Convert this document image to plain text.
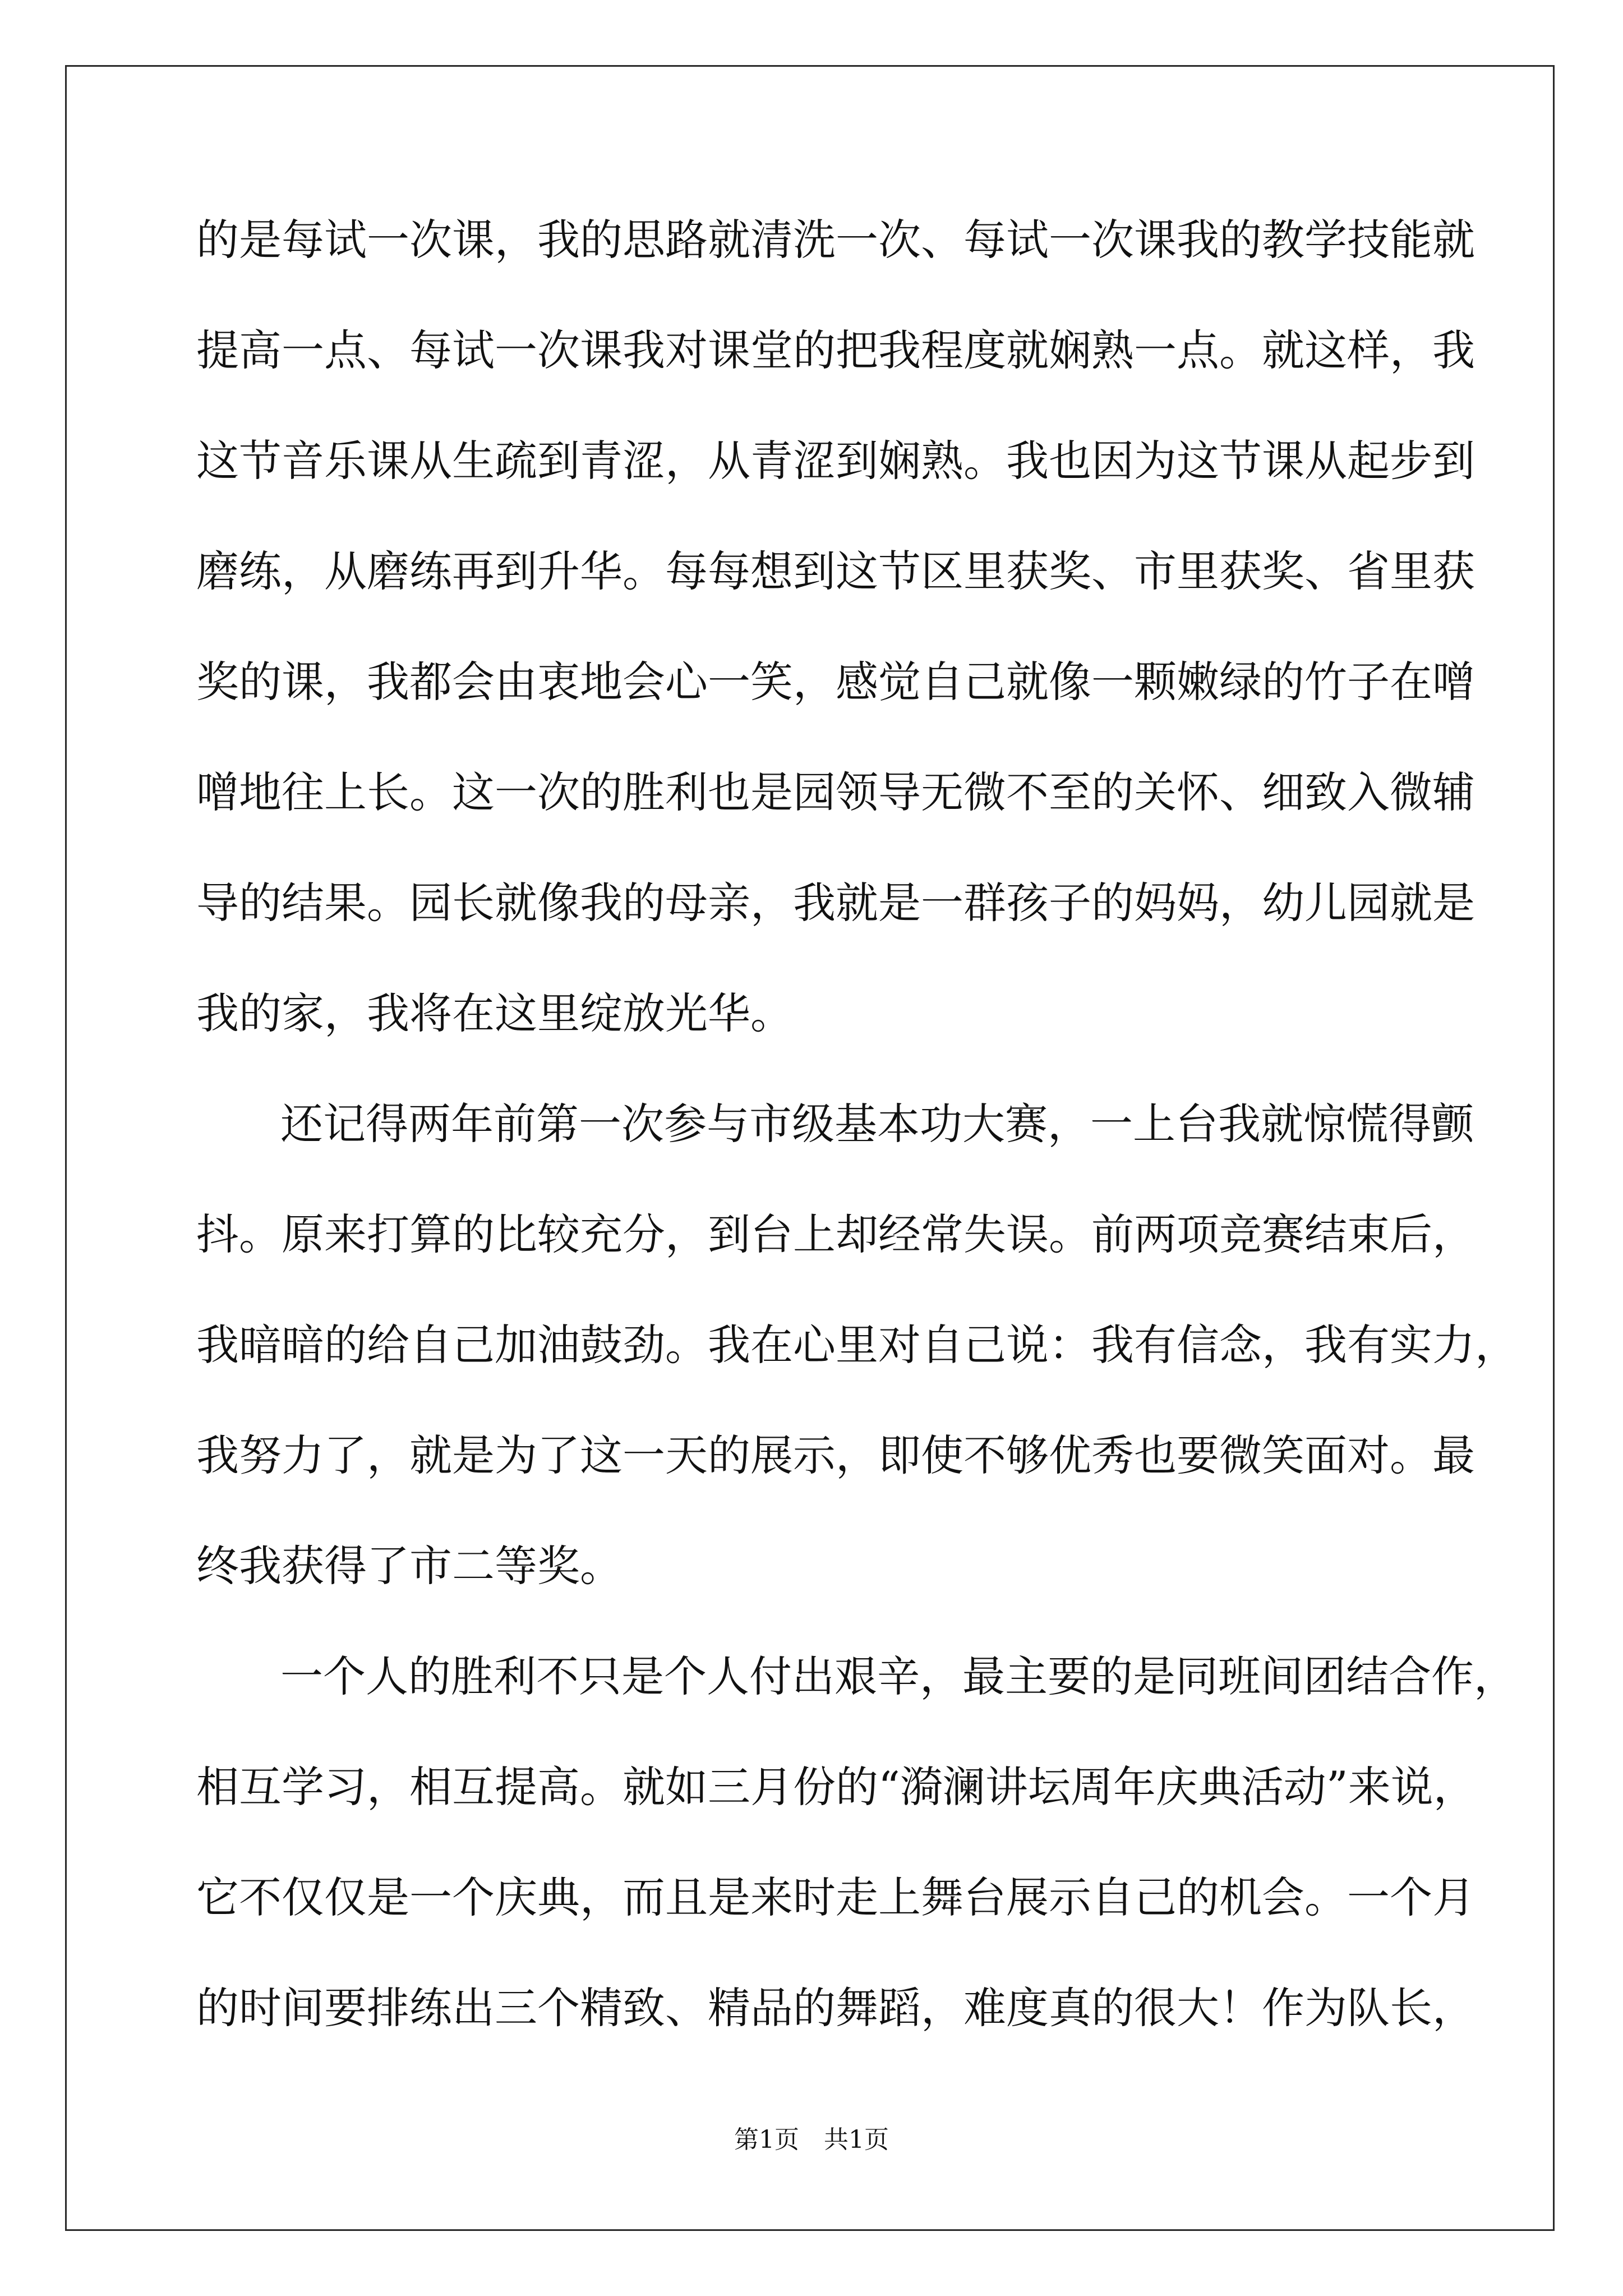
的是每试一次课，我的思路就清洗一次、每试一次课我的教学技能就
提高一点、每试一次课我对课堂的把我程度就娴熟一点。就这样，我
这节音乐课从生疏到青涩，从青涩到娴熟。我也因为这节课从起步到
磨练，从磨练再到升华。每每想到这节区里获奖、市里获奖、省里获
奖的课，我都会由衷地会心一笑，感觉自己就像一颗嫩绿的竹子在噌
噌地往上长。这一次的胜利也是园领导无微不至的关怀、细致入微辅
导的结果。园长就像我的母亲，我就是一群孩子的妈妈，幼儿园就是
我的家，我将在这里绽放光华。
还记得两年前第一次参与市级基本功大赛，一上台我就惊慌得颤
抖。原来打算的比较充分，到台上却经常失误。前两项竞赛结束后，
我暗暗的给自己加油鼓劲。我在心里对自己说：我有信念，我有实力，
我努力了，就是为了这一天的展示，即使不够优秀也要微笑面对。最
终我获得了市二等奖。
一个人的胜利不只是个人付出艰辛，最主要的是同班间团结合作，
相互学习，相互提高。就如三月份的“漪澜讲坛周年庆典活动”来说，
它不仅仅是一个庆典，而且是来时走上舞台展示自己的机会。一个月
的时间要排练出三个精致、精品的舞蹈，难度真的很大！作为队长，
第1页　共1页
